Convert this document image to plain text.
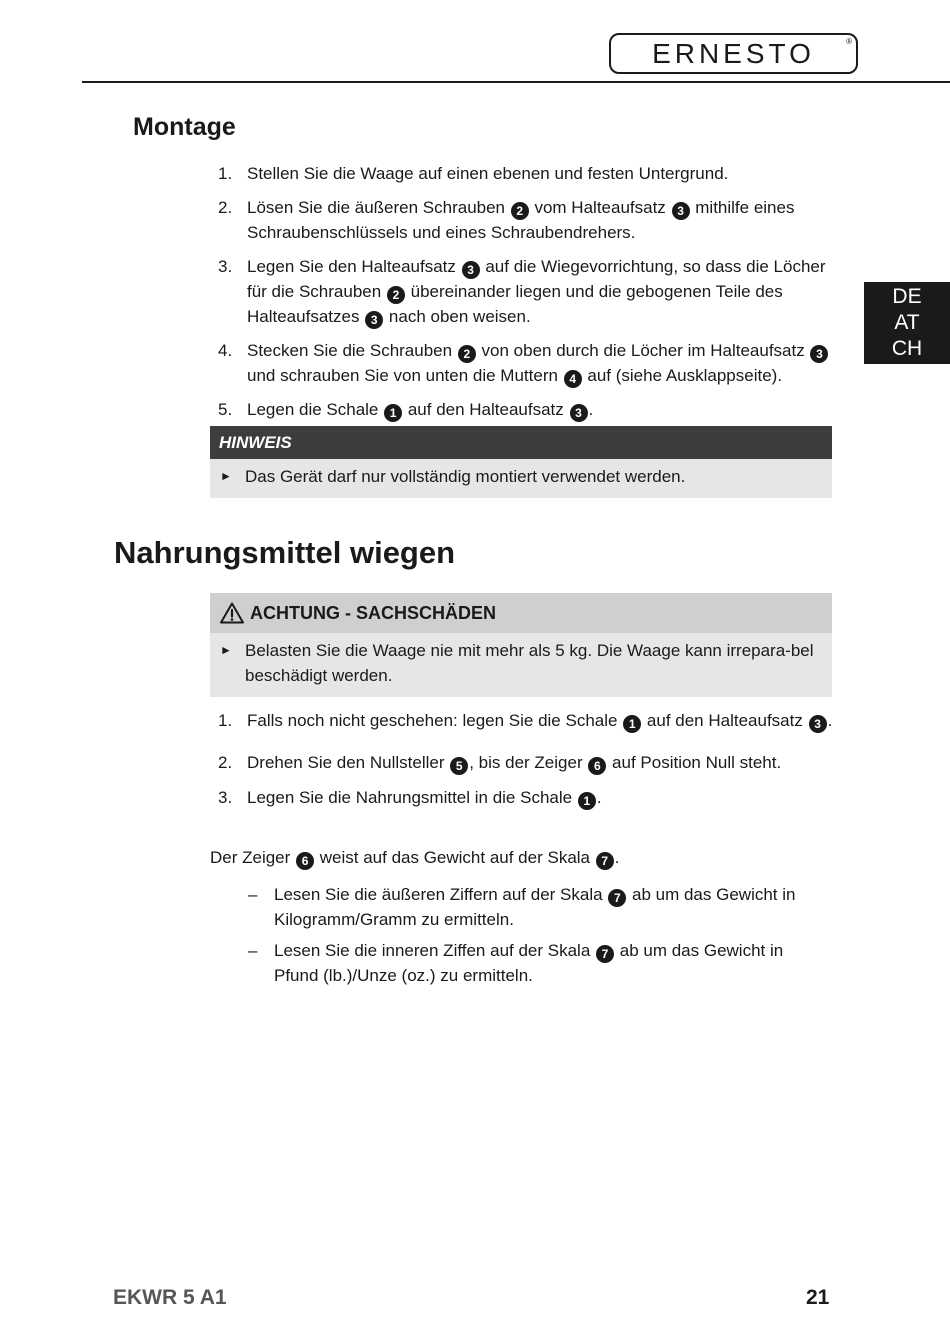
ERNESTO	®
DE
AT
CH
Montage
1. Stellen Sie die Waage auf einen ebenen und festen Untergrund.
2. Lösen Sie die äußeren Schrauben 2 vom Halteaufsatz 3 mithilfe eines Schraubenschlüssels und eines Schraubendrehers.
3. Legen Sie den Halteaufsatz 3 auf die Wiegevorrichtung, so dass die Löcher für die Schrauben 2 übereinander liegen und die gebogenen Teile des Halteaufsatzes 3 nach oben weisen.
4. Stecken Sie die Schrauben 2 von oben durch die Löcher im Halteaufsatz 3 und schrauben Sie von unten die Muttern 4 auf (siehe Ausklappseite).
5. Legen die Schale 1 auf den Halteaufsatz 3 .
HINWEIS
► Das Gerät darf nur vollständig montiert verwendet werden.
Nahrungsmittel wiegen
ACHTUNG - SACHSCHÄDEN
► Belasten Sie die Waage nie mit mehr als 5 kg. Die Waage kann irrepara-bel beschädigt werden.
1. Falls noch nicht geschehen: legen Sie die Schale 1 auf den Halteaufsatz 3 .
2. Drehen Sie den Nullsteller 5 , bis der Zeiger 6 auf Position Null steht.
3. Legen Sie die Nahrungsmittel in die Schale 1 .
Der Zeiger 6 weist auf das Gewicht auf der Skala 7 .
– Lesen Sie die äußeren Ziffern auf der Skala 7 ab um das Gewicht in Kilogramm/Gramm zu ermitteln.
– Lesen Sie die inneren Ziffen auf der Skala 7 ab um das Gewicht in Pfund (lb.)/Unze (oz.) zu ermitteln.
EKWR 5 A1	21
